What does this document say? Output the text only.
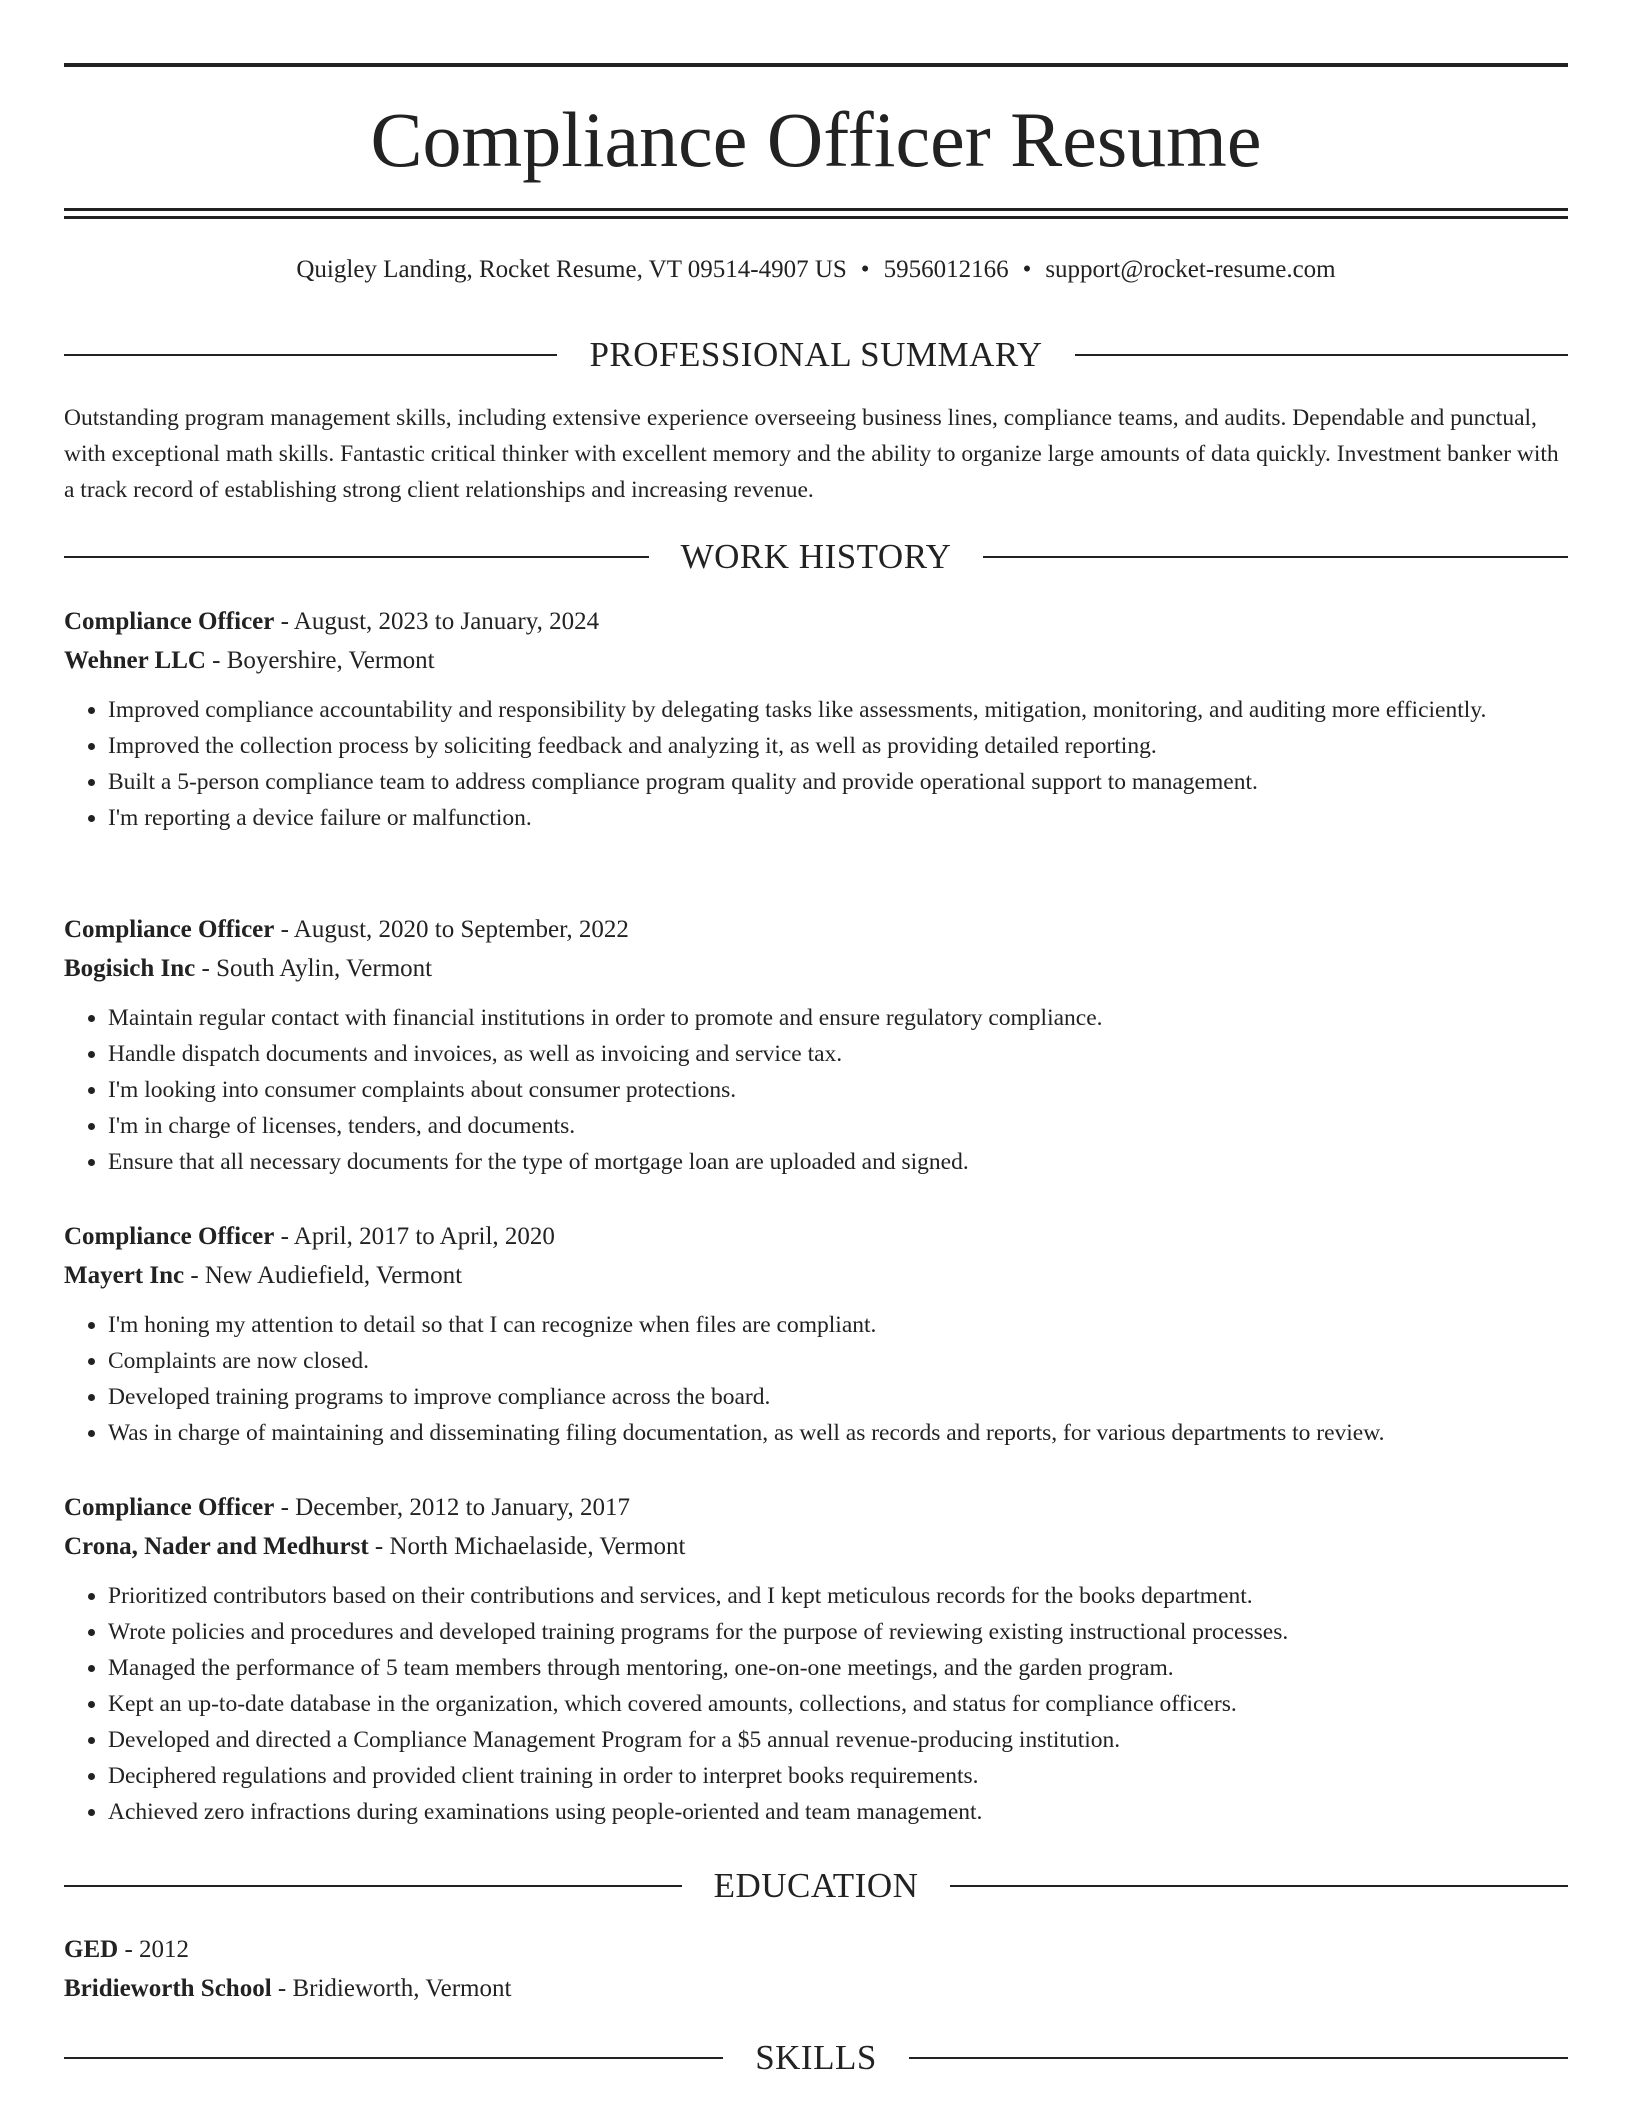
Compliance Officer Resume
Quigley Landing, Rocket Resume, VT 09514-4907 US • 5956012166 • support@rocket-resume.com
PROFESSIONAL SUMMARY
Outstanding program management skills, including extensive experience overseeing business lines, compliance teams, and audits. Dependable and punctual, with exceptional math skills. Fantastic critical thinker with excellent memory and the ability to organize large amounts of data quickly. Investment banker with a track record of establishing strong client relationships and increasing revenue.
WORK HISTORY
Compliance Officer - August, 2023 to January, 2024
Wehner LLC - Boyershire, Vermont
• Improved compliance accountability and responsibility by delegating tasks like assessments, mitigation, monitoring, and auditing more efficiently.
• Improved the collection process by soliciting feedback and analyzing it, as well as providing detailed reporting.
• Built a 5-person compliance team to address compliance program quality and provide operational support to management.
• I'm reporting a device failure or malfunction.
Compliance Officer - August, 2020 to September, 2022
Bogisich Inc - South Aylin, Vermont
• Maintain regular contact with financial institutions in order to promote and ensure regulatory compliance.
• Handle dispatch documents and invoices, as well as invoicing and service tax.
• I'm looking into consumer complaints about consumer protections.
• I'm in charge of licenses, tenders, and documents.
• Ensure that all necessary documents for the type of mortgage loan are uploaded and signed.
Compliance Officer - April, 2017 to April, 2020
Mayert Inc - New Audiefield, Vermont
• I'm honing my attention to detail so that I can recognize when files are compliant.
• Complaints are now closed.
• Developed training programs to improve compliance across the board.
• Was in charge of maintaining and disseminating filing documentation, as well as records and reports, for various departments to review.
Compliance Officer - December, 2012 to January, 2017
Crona, Nader and Medhurst - North Michaelaside, Vermont
• Prioritized contributors based on their contributions and services, and I kept meticulous records for the books department.
• Wrote policies and procedures and developed training programs for the purpose of reviewing existing instructional processes.
• Managed the performance of 5 team members through mentoring, one-on-one meetings, and the garden program.
• Kept an up-to-date database in the organization, which covered amounts, collections, and status for compliance officers.
• Developed and directed a Compliance Management Program for a $5 annual revenue-producing institution.
• Deciphered regulations and provided client training in order to interpret books requirements.
• Achieved zero infractions during examinations using people-oriented and team management.
EDUCATION
GED - 2012
Bridieworth School - Bridieworth, Vermont
SKILLS
